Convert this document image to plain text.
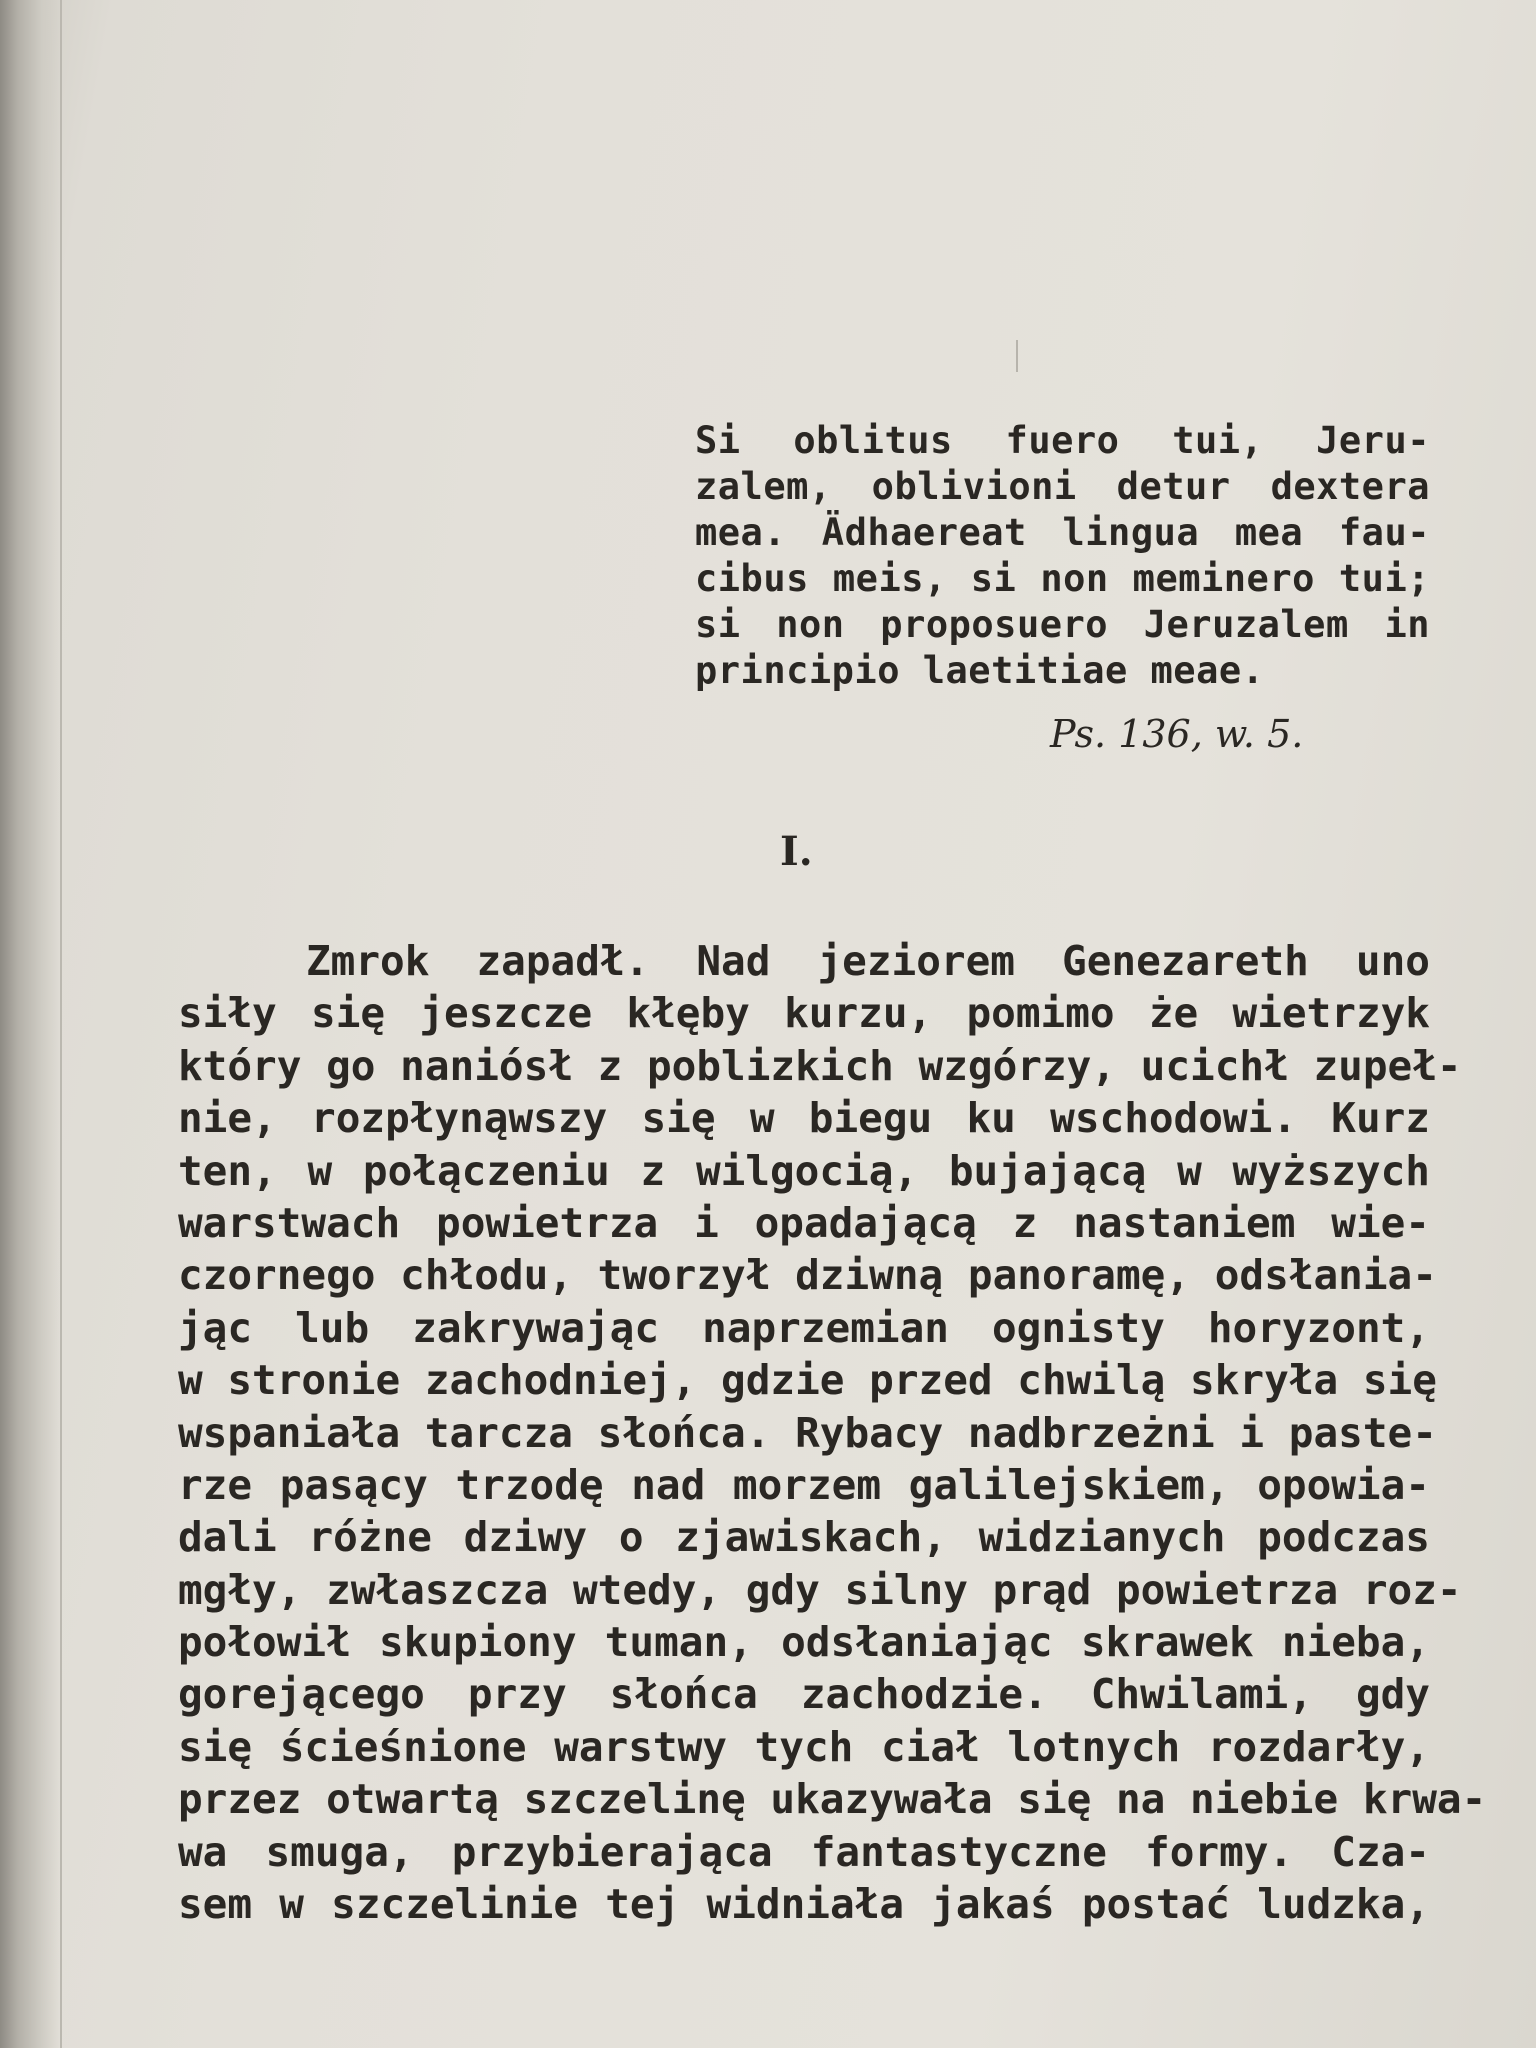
Si oblitus fuero tui, Jeru-
zalem, oblivioni detur dextera
mea. Ädhaereat lingua mea fau-
cibus meis, si non meminero tui;
si non proposuero Jeruzalem in
principio laetitiae meae.
Ps. 136, w. 5.
I.
Zmrok zapadł. Nad jeziorem Genezareth uno
siły się jeszcze kłęby kurzu, pomimo że wietrzyk
który go naniósł z poblizkich wzgórzy, ucichł zupeł-
nie, rozpłynąwszy się w biegu ku wschodowi. Kurz
ten, w połączeniu z wilgocią, bujającą w wyższych
warstwach powietrza i opadającą z nastaniem wie-
czornego chłodu, tworzył dziwną panoramę, odsłania-
jąc lub zakrywając naprzemian ognisty horyzont,
w stronie zachodniej, gdzie przed chwilą skryła się
wspaniała tarcza słońca. Rybacy nadbrzeżni i paste-
rze pasący trzodę nad morzem galilejskiem, opowia-
dali różne dziwy o zjawiskach, widzianych podczas
mgły, zwłaszcza wtedy, gdy silny prąd powietrza roz-
połowił skupiony tuman, odsłaniając skrawek nieba,
gorejącego przy słońca zachodzie. Chwilami, gdy
się ścieśnione warstwy tych ciał lotnych rozdarły,
przez otwartą szczelinę ukazywała się na niebie krwa-
wa smuga, przybierająca fantastyczne formy. Cza-
sem w szczelinie tej widniała jakaś postać ludzka,
